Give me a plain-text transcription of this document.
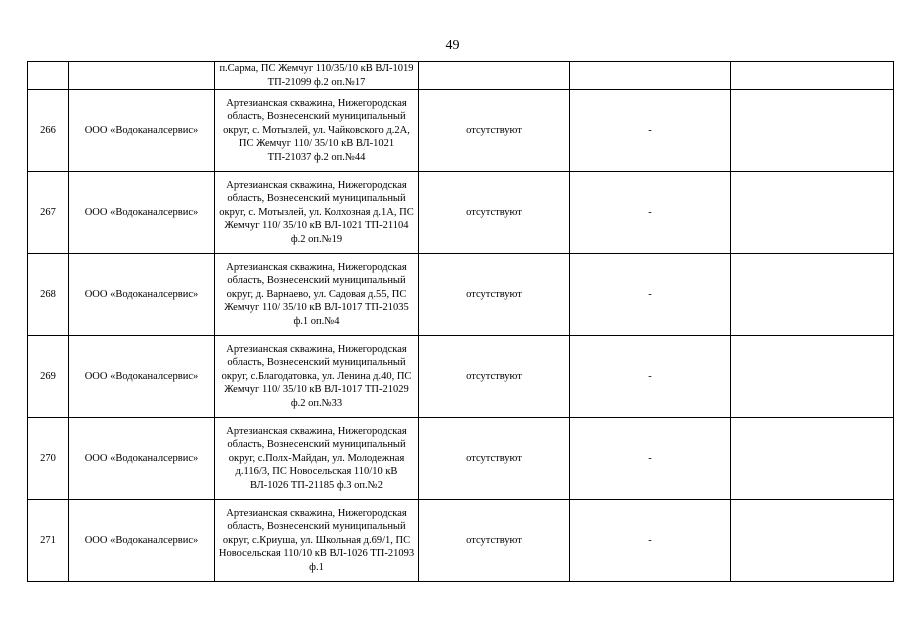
49
		п.Сарма, ПС Жемчуг 110/35/10 кВ ВЛ-1019 ТП-21099 ф.2 оп.№17			
266	ООО «Водоканалсервис»	Артезианская скважина, Нижегородская область, Вознесенский муниципальный округ, с. Мотызлей, ул. Чайковского д.2А, ПС Жемчуг 110/ 35/10 кВ ВЛ-1021 ТП-21037 ф.2 оп.№44	отсутствуют	-	
267	ООО «Водоканалсервис»	Артезианская скважина, Нижегородская область, Вознесенский муниципальный округ, с. Мотызлей, ул. Колхозная д.1А, ПС Жемчуг 110/ 35/10 кВ ВЛ-1021 ТП-21104 ф.2 оп.№19	отсутствуют	-	
268	ООО «Водоканалсервис»	Артезианская скважина, Нижегородская область, Вознесенский муниципальный округ, д. Варнаево, ул. Садовая д.55, ПС Жемчуг 110/ 35/10 кВ ВЛ-1017 ТП-21035 ф.1 оп.№4	отсутствуют	-	
269	ООО «Водоканалсервис»	Артезианская скважина, Нижегородская область, Вознесенский муниципальный округ, с.Благодатовка, ул. Ленина д.40, ПС Жемчуг 110/ 35/10 кВ ВЛ-1017 ТП-21029 ф.2 оп.№33	отсутствуют	-	
270	ООО «Водоканалсервис»	Артезианская скважина, Нижегородская область, Вознесенский муниципальный округ, с.Полх-Майдан, ул. Молодежная д.116/3, ПС Новосельская 110/10 кВ ВЛ-1026 ТП-21185 ф.3 оп.№2	отсутствуют	-	
271	ООО «Водоканалсервис»	Артезианская скважина, Нижегородская область, Вознесенский муниципальный округ, с.Криуша, ул. Школьная д.69/1, ПС Новосельская 110/10 кВ ВЛ-1026 ТП-21093 ф.1	отсутствуют	-	
